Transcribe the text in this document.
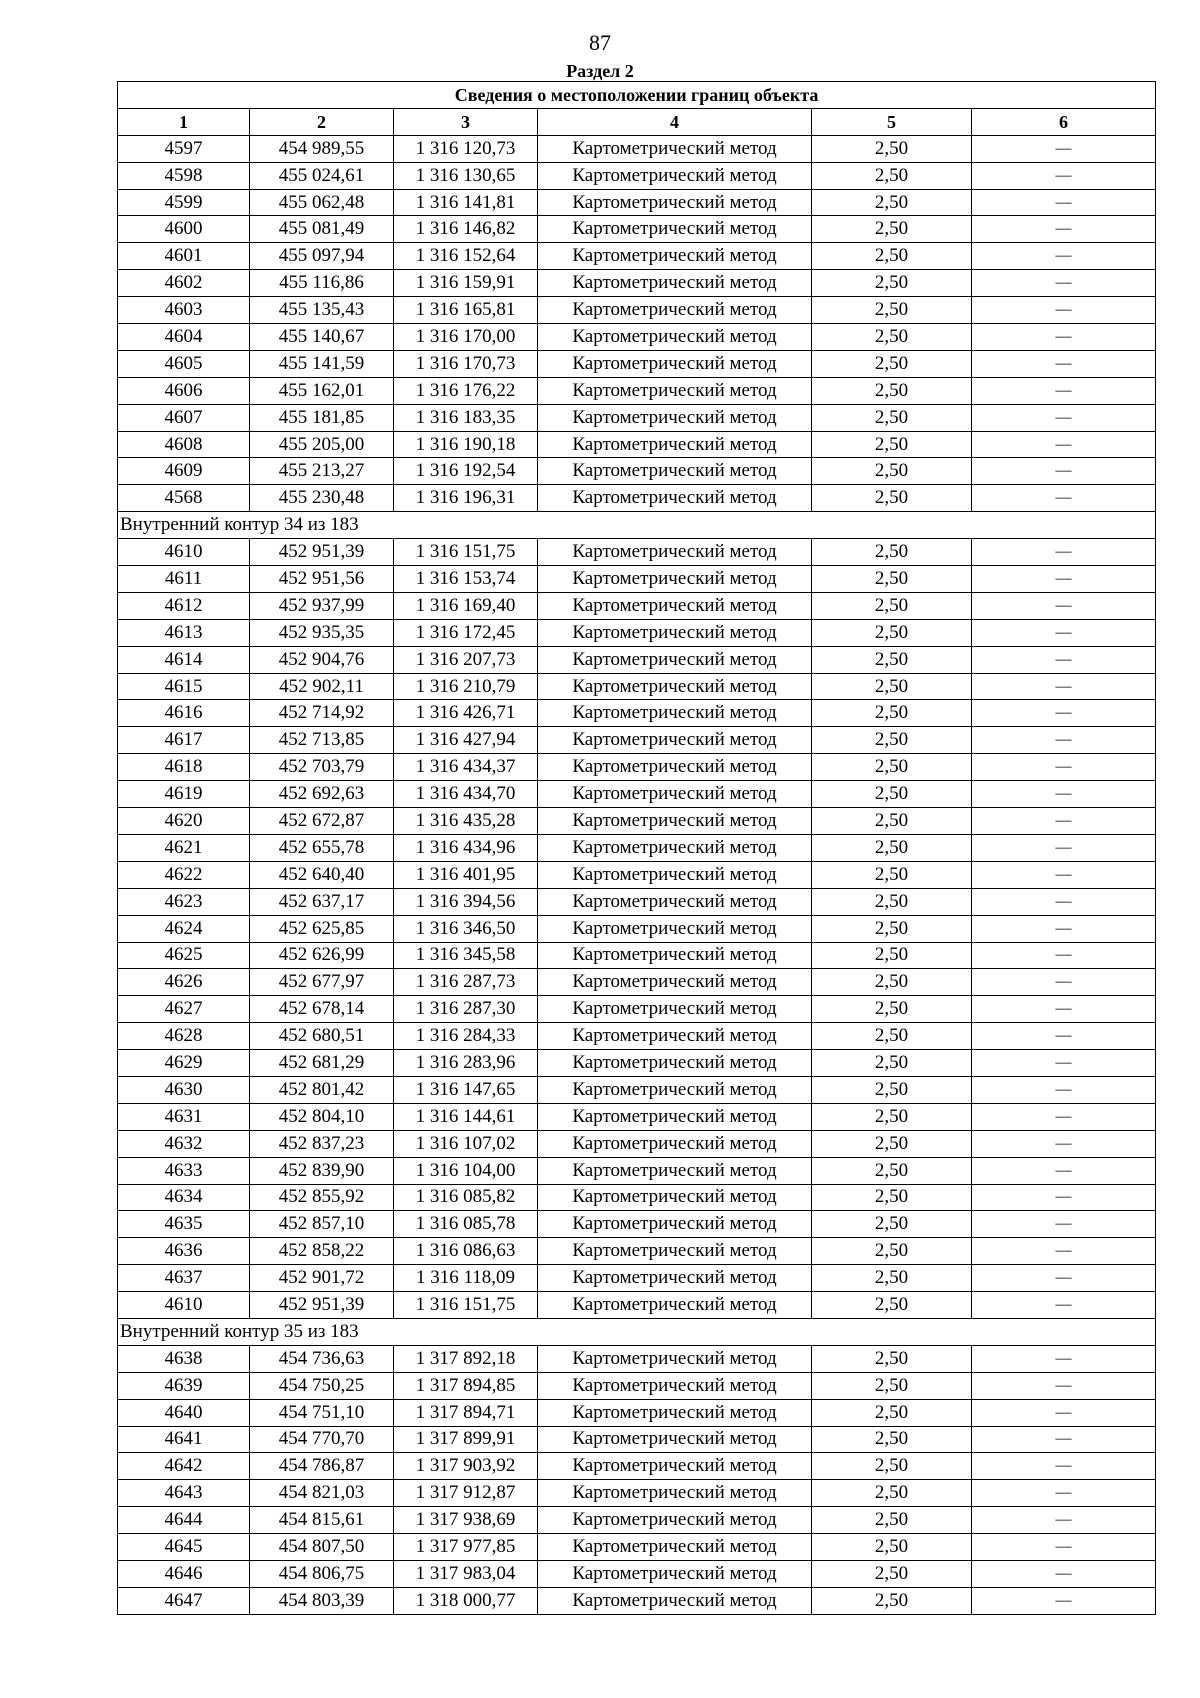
87
Раздел 2
Сведения о местоположении границ объекта					
1	2	3	4	5	6
4597	454 989,55	1 316 120,73	Картометрический метод	2,50	—
4598	455 024,61	1 316 130,65	Картометрический метод	2,50	—
4599	455 062,48	1 316 141,81	Картометрический метод	2,50	—
4600	455 081,49	1 316 146,82	Картометрический метод	2,50	—
4601	455 097,94	1 316 152,64	Картометрический метод	2,50	—
4602	455 116,86	1 316 159,91	Картометрический метод	2,50	—
4603	455 135,43	1 316 165,81	Картометрический метод	2,50	—
4604	455 140,67	1 316 170,00	Картометрический метод	2,50	—
4605	455 141,59	1 316 170,73	Картометрический метод	2,50	—
4606	455 162,01	1 316 176,22	Картометрический метод	2,50	—
4607	455 181,85	1 316 183,35	Картометрический метод	2,50	—
4608	455 205,00	1 316 190,18	Картометрический метод	2,50	—
4609	455 213,27	1 316 192,54	Картометрический метод	2,50	—
4568	455 230,48	1 316 196,31	Картометрический метод	2,50	—
Внутренний контур 34 из 183					
4610	452 951,39	1 316 151,75	Картометрический метод	2,50	—
4611	452 951,56	1 316 153,74	Картометрический метод	2,50	—
4612	452 937,99	1 316 169,40	Картометрический метод	2,50	—
4613	452 935,35	1 316 172,45	Картометрический метод	2,50	—
4614	452 904,76	1 316 207,73	Картометрический метод	2,50	—
4615	452 902,11	1 316 210,79	Картометрический метод	2,50	—
4616	452 714,92	1 316 426,71	Картометрический метод	2,50	—
4617	452 713,85	1 316 427,94	Картометрический метод	2,50	—
4618	452 703,79	1 316 434,37	Картометрический метод	2,50	—
4619	452 692,63	1 316 434,70	Картометрический метод	2,50	—
4620	452 672,87	1 316 435,28	Картометрический метод	2,50	—
4621	452 655,78	1 316 434,96	Картометрический метод	2,50	—
4622	452 640,40	1 316 401,95	Картометрический метод	2,50	—
4623	452 637,17	1 316 394,56	Картометрический метод	2,50	—
4624	452 625,85	1 316 346,50	Картометрический метод	2,50	—
4625	452 626,99	1 316 345,58	Картометрический метод	2,50	—
4626	452 677,97	1 316 287,73	Картометрический метод	2,50	—
4627	452 678,14	1 316 287,30	Картометрический метод	2,50	—
4628	452 680,51	1 316 284,33	Картометрический метод	2,50	—
4629	452 681,29	1 316 283,96	Картометрический метод	2,50	—
4630	452 801,42	1 316 147,65	Картометрический метод	2,50	—
4631	452 804,10	1 316 144,61	Картометрический метод	2,50	—
4632	452 837,23	1 316 107,02	Картометрический метод	2,50	—
4633	452 839,90	1 316 104,00	Картометрический метод	2,50	—
4634	452 855,92	1 316 085,82	Картометрический метод	2,50	—
4635	452 857,10	1 316 085,78	Картометрический метод	2,50	—
4636	452 858,22	1 316 086,63	Картометрический метод	2,50	—
4637	452 901,72	1 316 118,09	Картометрический метод	2,50	—
4610	452 951,39	1 316 151,75	Картометрический метод	2,50	—
Внутренний контур 35 из 183					
4638	454 736,63	1 317 892,18	Картометрический метод	2,50	—
4639	454 750,25	1 317 894,85	Картометрический метод	2,50	—
4640	454 751,10	1 317 894,71	Картометрический метод	2,50	—
4641	454 770,70	1 317 899,91	Картометрический метод	2,50	—
4642	454 786,87	1 317 903,92	Картометрический метод	2,50	—
4643	454 821,03	1 317 912,87	Картометрический метод	2,50	—
4644	454 815,61	1 317 938,69	Картометрический метод	2,50	—
4645	454 807,50	1 317 977,85	Картометрический метод	2,50	—
4646	454 806,75	1 317 983,04	Картометрический метод	2,50	—
4647	454 803,39	1 318 000,77	Картометрический метод	2,50	—
